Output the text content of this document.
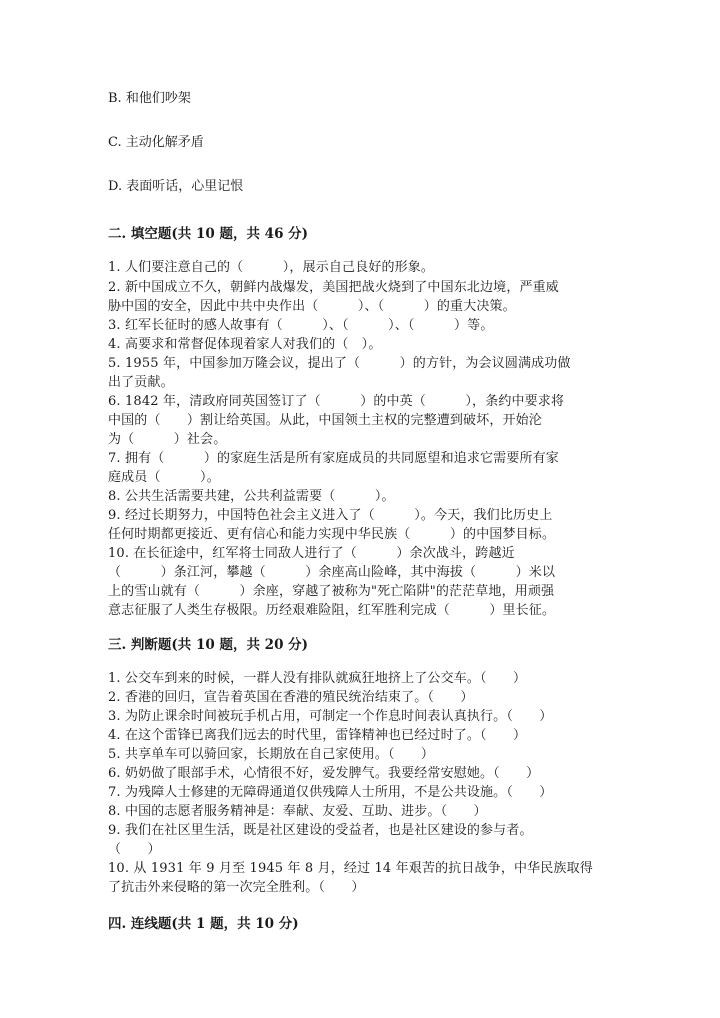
B. 和他们吵架
C. 主动化解矛盾
D. 表面听话，心里记恨
二. 填空题(共 10 题，共 46 分)
1. 人们要注意自己的（　　　），展示自己良好的形象。
2. 新中国成立不久，朝鲜内战爆发，美国把战火烧到了中国东北边境，严重威
胁中国的安全，因此中共中央作出（　　　）、（　　　）的重大决策。
3. 红军长征时的感人故事有（　　　）、（　　　）、（　　　）等。
4. 高要求和常督促体现着家人对我们的（　）。
5. 1955 年，中国参加万隆会议，提出了（　　　）的方针，为会议圆满成功做
出了贡献。
6. 1842 年，清政府同英国签订了（　　　）的中英（　　　），条约中要求将
中国的（　　）割让给英国。从此，中国领土主权的完整遭到破坏，开始沦
为（　　　）社会。
7. 拥有（　　　）的家庭生活是所有家庭成员的共同愿望和追求它需要所有家
庭成员（　　　）。
8. 公共生活需要共建，公共利益需要（　　　）。
9. 经过长期努力，中国特色社会主义进入了（　　　）。今天，我们比历史上
任何时期都更接近、更有信心和能力实现中华民族（　　　）的中国梦目标。
10. 在长征途中，红军将士同敌人进行了（　　　）余次战斗，跨越近
（　　　）条江河，攀越（　　　）余座高山险峰，其中海拔（　　　）米以
上的雪山就有（　　　）余座，穿越了被称为"死亡陷阱"的茫茫草地，用顽强
意志征服了人类生存极限。历经艰难险阻，红军胜利完成（　　　）里长征。
三. 判断题(共 10 题，共 20 分)
1. 公交车到来的时候，一群人没有排队就疯狂地挤上了公交车。（　　）
2. 香港的回归，宣告着英国在香港的殖民统治结束了。（　　）
3. 为防止课余时间被玩手机占用，可制定一个作息时间表认真执行。（　　）
4. 在这个雷锋已离我们远去的时代里，雷锋精神也已经过时了。（　　）
5. 共享单车可以骑回家，长期放在自己家使用。（　　）
6. 奶奶做了眼部手术，心情很不好，爱发脾气。我要经常安慰她。（　　）
7. 为残障人士修建的无障碍通道仅供残障人士所用，不是公共设施。（　　）
8. 中国的志愿者服务精神是：奉献、友爱、互助、进步。（　　）
9. 我们在社区里生活，既是社区建设的受益者，也是社区建设的参与者。
（　　）
10. 从 1931 年 9 月至 1945 年 8 月，经过 14 年艰苦的抗日战争，中华民族取得
了抗击外来侵略的第一次完全胜利。（　　）
四. 连线题(共 1 题，共 10 分)
